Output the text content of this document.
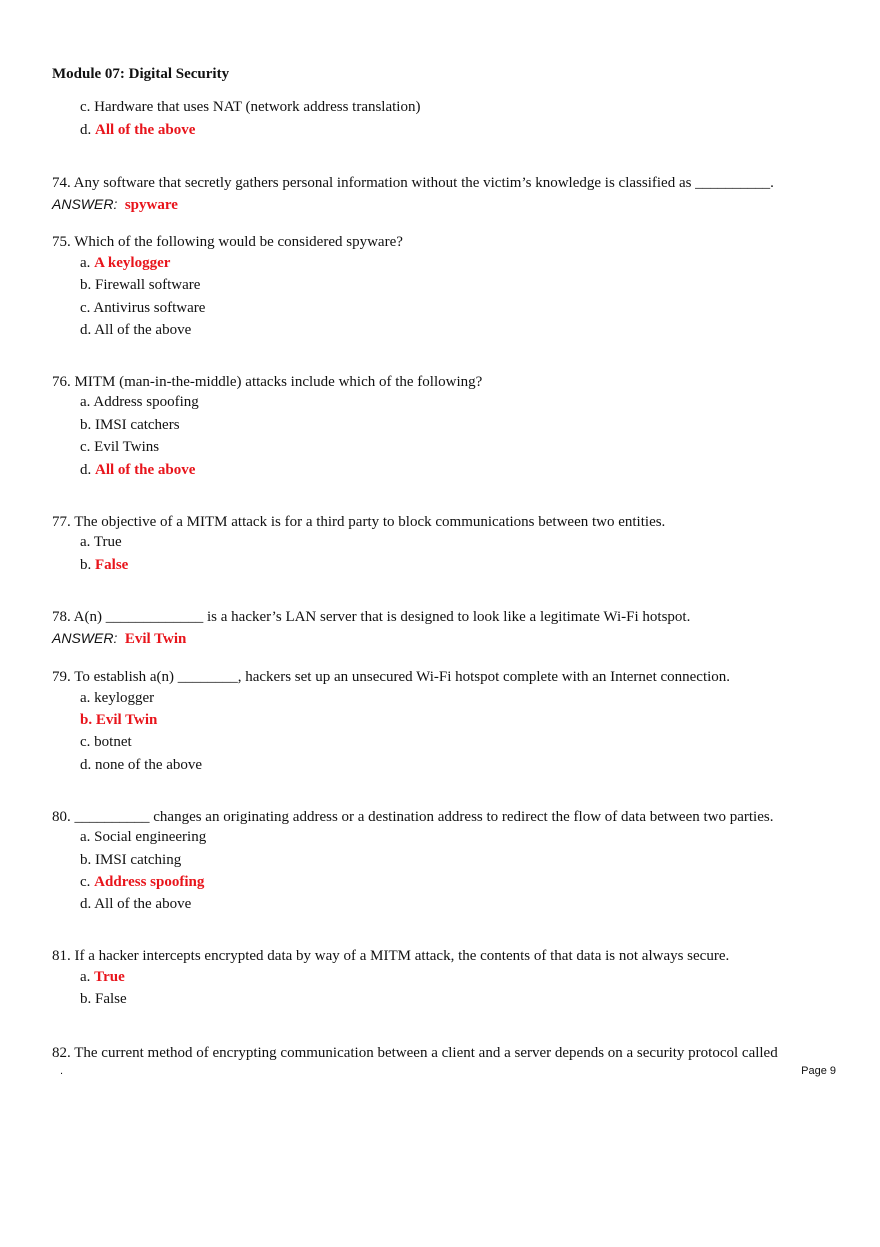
Module 07: Digital Security
c. Hardware that uses NAT (network address translation)
d. All of the above
74. Any software that secretly gathers personal information without the victim’s knowledge is classified as __________.
ANSWER: spyware
75. Which of the following would be considered spyware?
a. A keylogger
b. Firewall software
c. Antivirus software
d. All of the above
76. MITM (man-in-the-middle) attacks include which of the following?
a. Address spoofing
b. IMSI catchers
c. Evil Twins
d. All of the above
77. The objective of a MITM attack is for a third party to block communications between two entities.
a. True
b. False
78. A(n) _____________ is a hacker’s LAN server that is designed to look like a legitimate Wi-Fi hotspot.
ANSWER: Evil Twin
79. To establish a(n) ________, hackers set up an unsecured Wi-Fi hotspot complete with an Internet connection.
a. keylogger
b. Evil Twin
c. botnet
d. none of the above
80. __________ changes an originating address or a destination address to redirect the flow of data between two parties.
a. Social engineering
b. IMSI catching
c. Address spoofing
d. All of the above
81. If a hacker intercepts encrypted data by way of a MITM attack, the contents of that data is not always secure.
a. True
b. False
82. The current method of encrypting communication between a client and a server depends on a security protocol called
.	Page 9
